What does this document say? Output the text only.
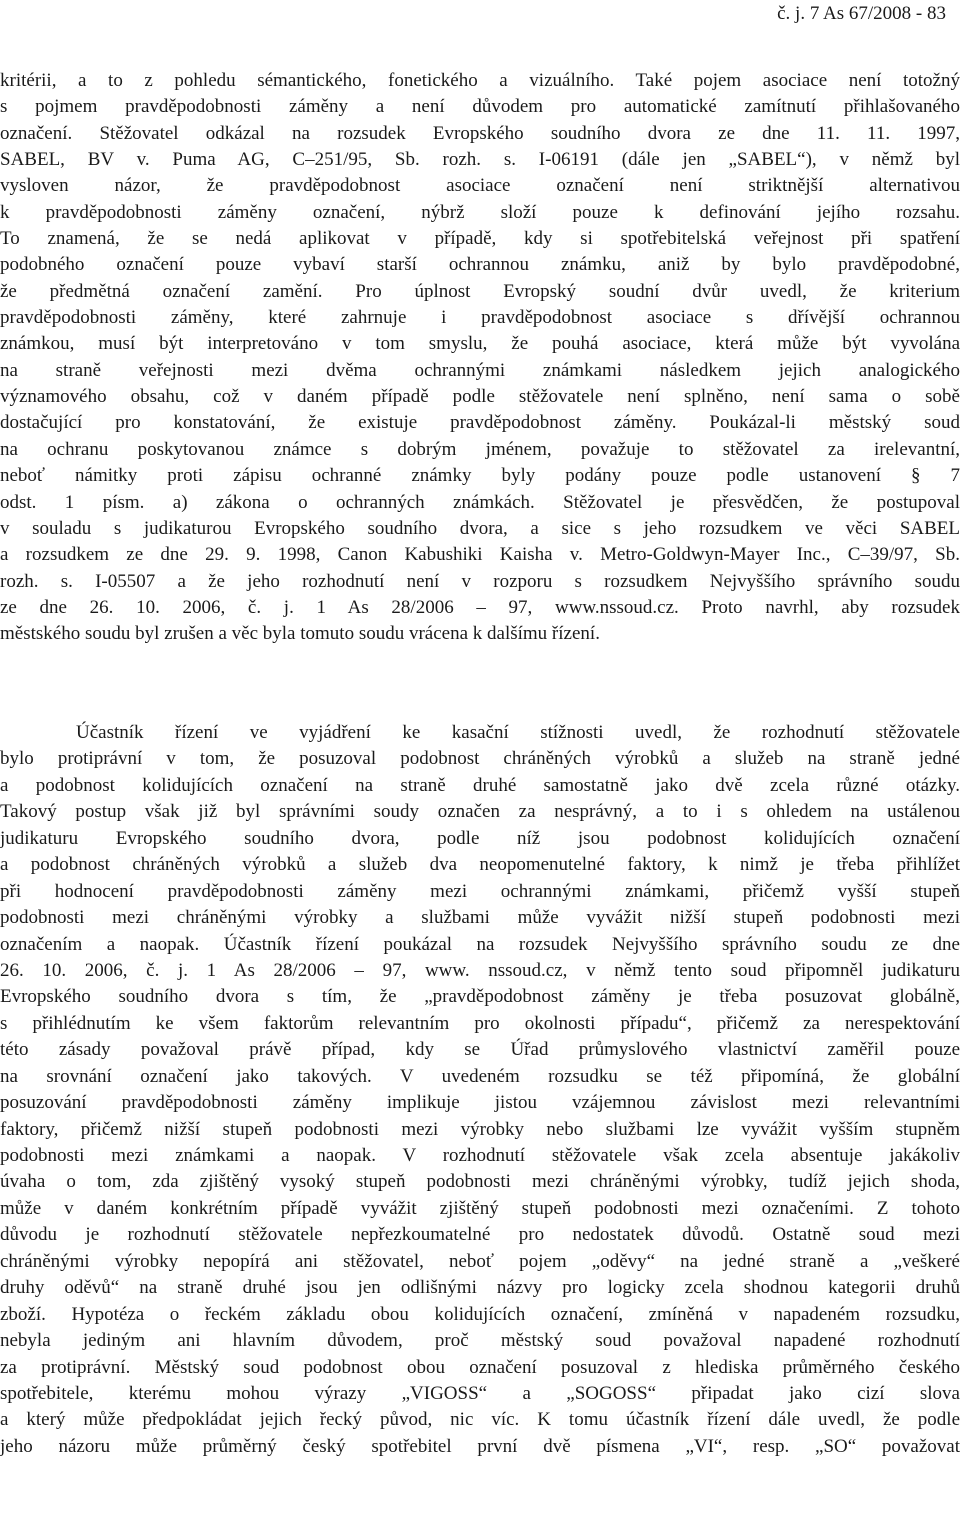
č. j. 7 As 67/2008 - 83
kritérii, a to z pohledu sémantického, fonetického a vizuálního. Také pojem asociace není totožný
s pojmem pravděpodobnosti záměny a není důvodem pro automatické zamítnutí přihlašovaného
označení. Stěžovatel odkázal na rozsudek Evropského soudního dvora ze dne 11. 11. 1997,
SABEL, BV v. Puma AG, C–251/95, Sb. rozh. s. I-06191 (dále jen „SABEL“), v němž byl
vysloven názor, že pravděpodobnost asociace označení není striktnější alternativou
k pravděpodobnosti záměny označení, nýbrž složí pouze k definování jejího rozsahu.
To znamená, že se nedá aplikovat v případě, kdy si spotřebitelská veřejnost při spatření
podobného označení pouze vybaví starší ochrannou známku, aniž by bylo pravděpodobné,
že předmětná označení zamění. Pro úplnost Evropský soudní dvůr uvedl, že kriterium
pravděpodobnosti záměny, které zahrnuje i pravděpodobnost asociace s dřívější ochrannou
známkou, musí být interpretováno v tom smyslu, že pouhá asociace, která může být vyvolána
na straně veřejnosti mezi dvěma ochrannými známkami následkem jejich analogického
významového obsahu, což v daném případě podle stěžovatele není splněno, není sama o sobě
dostačující pro konstatování, že existuje pravděpodobnost záměny. Poukázal-li městský soud
na ochranu poskytovanou známce s dobrým jménem, považuje to stěžovatel za irelevantní,
neboť námitky proti zápisu ochranné známky byly podány pouze podle ustanovení § 7
odst. 1 písm. a) zákona o ochranných známkách. Stěžovatel je přesvědčen, že postupoval
v souladu s judikaturou Evropského soudního dvora, a sice s jeho rozsudkem ve věci SABEL
a rozsudkem ze dne 29. 9. 1998, Canon Kabushiki Kaisha v. Metro-Goldwyn-Mayer Inc., C–39/97, Sb.
rozh. s. I-05507 a že jeho rozhodnutí není v rozporu s rozsudkem Nejvyššího správního soudu
ze dne 26. 10. 2006, č. j. 1 As 28/2006 – 97, www.nssoud.cz. Proto navrhl, aby rozsudek
městského soudu byl zrušen a věc byla tomuto soudu vrácena k dalšímu řízení.
Účastník řízení ve vyjádření ke kasační stížnosti uvedl, že rozhodnutí stěžovatele
bylo protiprávní v tom, že posuzoval podobnost chráněných výrobků a služeb na straně jedné
a podobnost kolidujících označení na straně druhé samostatně jako dvě zcela různé otázky.
Takový postup však již byl správními soudy označen za nesprávný, a to i s ohledem na ustálenou
judikaturu Evropského soudního dvora, podle níž jsou podobnost kolidujících označení
a podobnost chráněných výrobků a služeb dva neopomenutelné faktory, k nimž je třeba přihlížet
při hodnocení pravděpodobnosti záměny mezi ochrannými známkami, přičemž vyšší stupeň
podobnosti mezi chráněnými výrobky a službami může vyvážit nižší stupeň podobnosti mezi
označením a naopak. Účastník řízení poukázal na rozsudek Nejvyššího správního soudu ze dne
26. 10. 2006, č. j. 1 As 28/2006 – 97, www. nssoud.cz, v němž tento soud připomněl judikaturu
Evropského soudního dvora s tím, že „pravděpodobnost záměny je třeba posuzovat globálně,
s přihlédnutím ke všem faktorům relevantním pro okolnosti případu“, přičemž za nerespektování
této zásady považoval právě případ, kdy se Úřad průmyslového vlastnictví zaměřil pouze
na srovnání označení jako takových. V uvedeném rozsudku se též připomíná, že globální
posuzování pravděpodobnosti záměny implikuje jistou vzájemnou závislost mezi relevantními
faktory, přičemž nižší stupeň podobnosti mezi výrobky nebo službami lze vyvážit vyšším stupněm
podobnosti mezi známkami a naopak. V rozhodnutí stěžovatele však zcela absentuje jakákoliv
úvaha o tom, zda zjištěný vysoký stupeň podobnosti mezi chráněnými výrobky, tudíž jejich shoda,
může v daném konkrétním případě vyvážit zjištěný stupeň podobnosti mezi označeními. Z tohoto
důvodu je rozhodnutí stěžovatele nepřezkoumatelné pro nedostatek důvodů. Ostatně soud mezi
chráněnými výrobky nepopírá ani stěžovatel, neboť pojem „oděvy“ na jedné straně a „veškeré
druhy oděvů“ na straně druhé jsou jen odlišnými názvy pro logicky zcela shodnou kategorii druhů
zboží. Hypotéza o řeckém základu obou kolidujících označení, zmíněná v napadeném rozsudku,
nebyla jediným ani hlavním důvodem, proč městský soud považoval napadené rozhodnutí
za protiprávní. Městský soud podobnost obou označení posuzoval z hlediska průměrného českého
spotřebitele, kterému mohou výrazy „VIGOSS“ a „SOGOSS“ připadat jako cizí slova
a který může předpokládat jejich řecký původ, nic víc. K tomu účastník řízení dále uvedl, že podle
jeho názoru může průměrný český spotřebitel první dvě písmena „VI“, resp. „SO“ považovat
